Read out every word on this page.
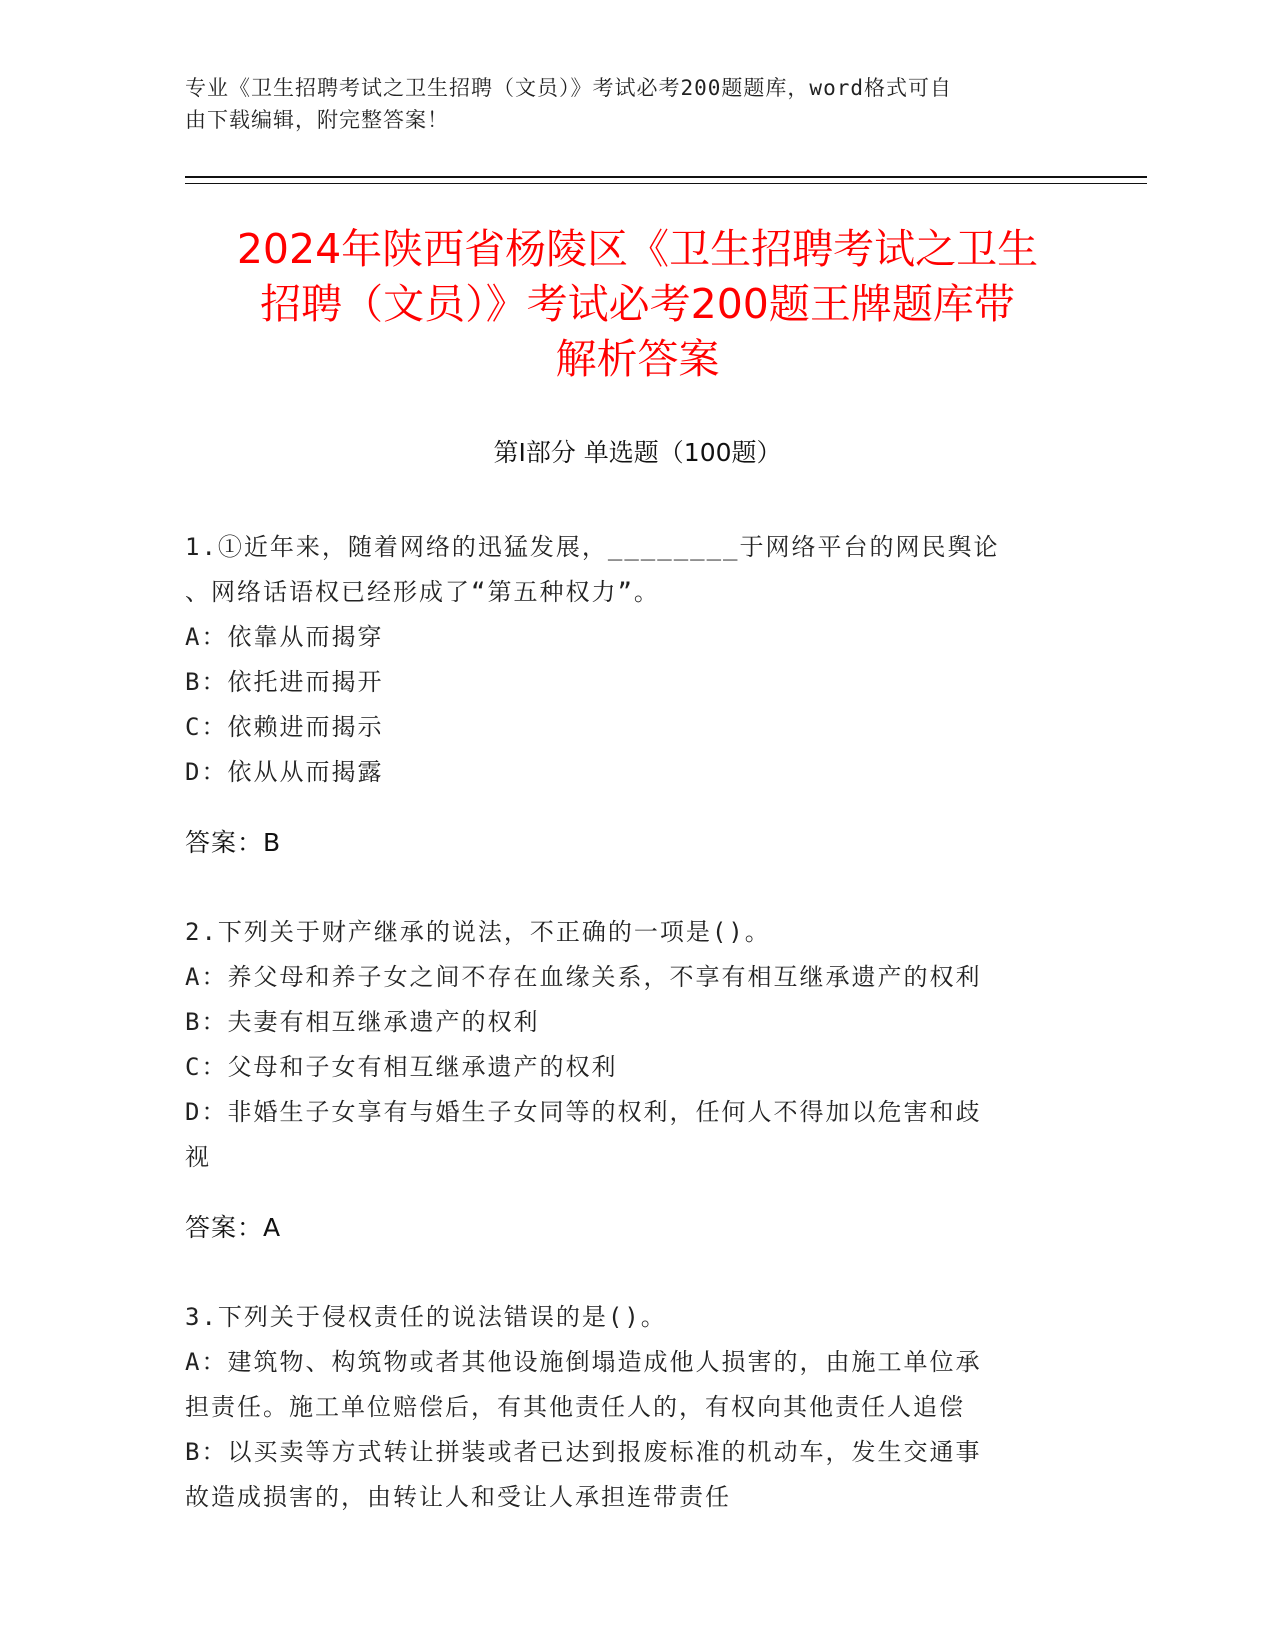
专业《卫生招聘考试之卫生招聘（文员）》考试必考200题题库，word格式可自
由下载编辑，附完整答案！
2024年陕西省杨陵区《卫生招聘考试之卫生
招聘（文员）》考试必考200题王牌题库带
解析答案
第Ⅰ部分 单选题（100题）

1.①近年来，随着网络的迅猛发展，________于网络平台的网民舆论

、网络话语权已经形成了“第五种权力”。

A：依靠从而揭穿

B：依托进而揭开

C：依赖进而揭示

D：依从从而揭露

答案：B

2.下列关于财产继承的说法，不正确的一项是()。

A：养父母和养子女之间不存在血缘关系，不享有相互继承遗产的权利

B：夫妻有相互继承遗产的权利

C：父母和子女有相互继承遗产的权利

D：非婚生子女享有与婚生子女同等的权利，任何人不得加以危害和歧

视

答案：A

3.下列关于侵权责任的说法错误的是()。

A：建筑物、构筑物或者其他设施倒塌造成他人损害的，由施工单位承

担责任。施工单位赔偿后，有其他责任人的，有权向其他责任人追偿

B：以买卖等方式转让拼装或者已达到报废标准的机动车，发生交通事

故造成损害的，由转让人和受让人承担连带责任
